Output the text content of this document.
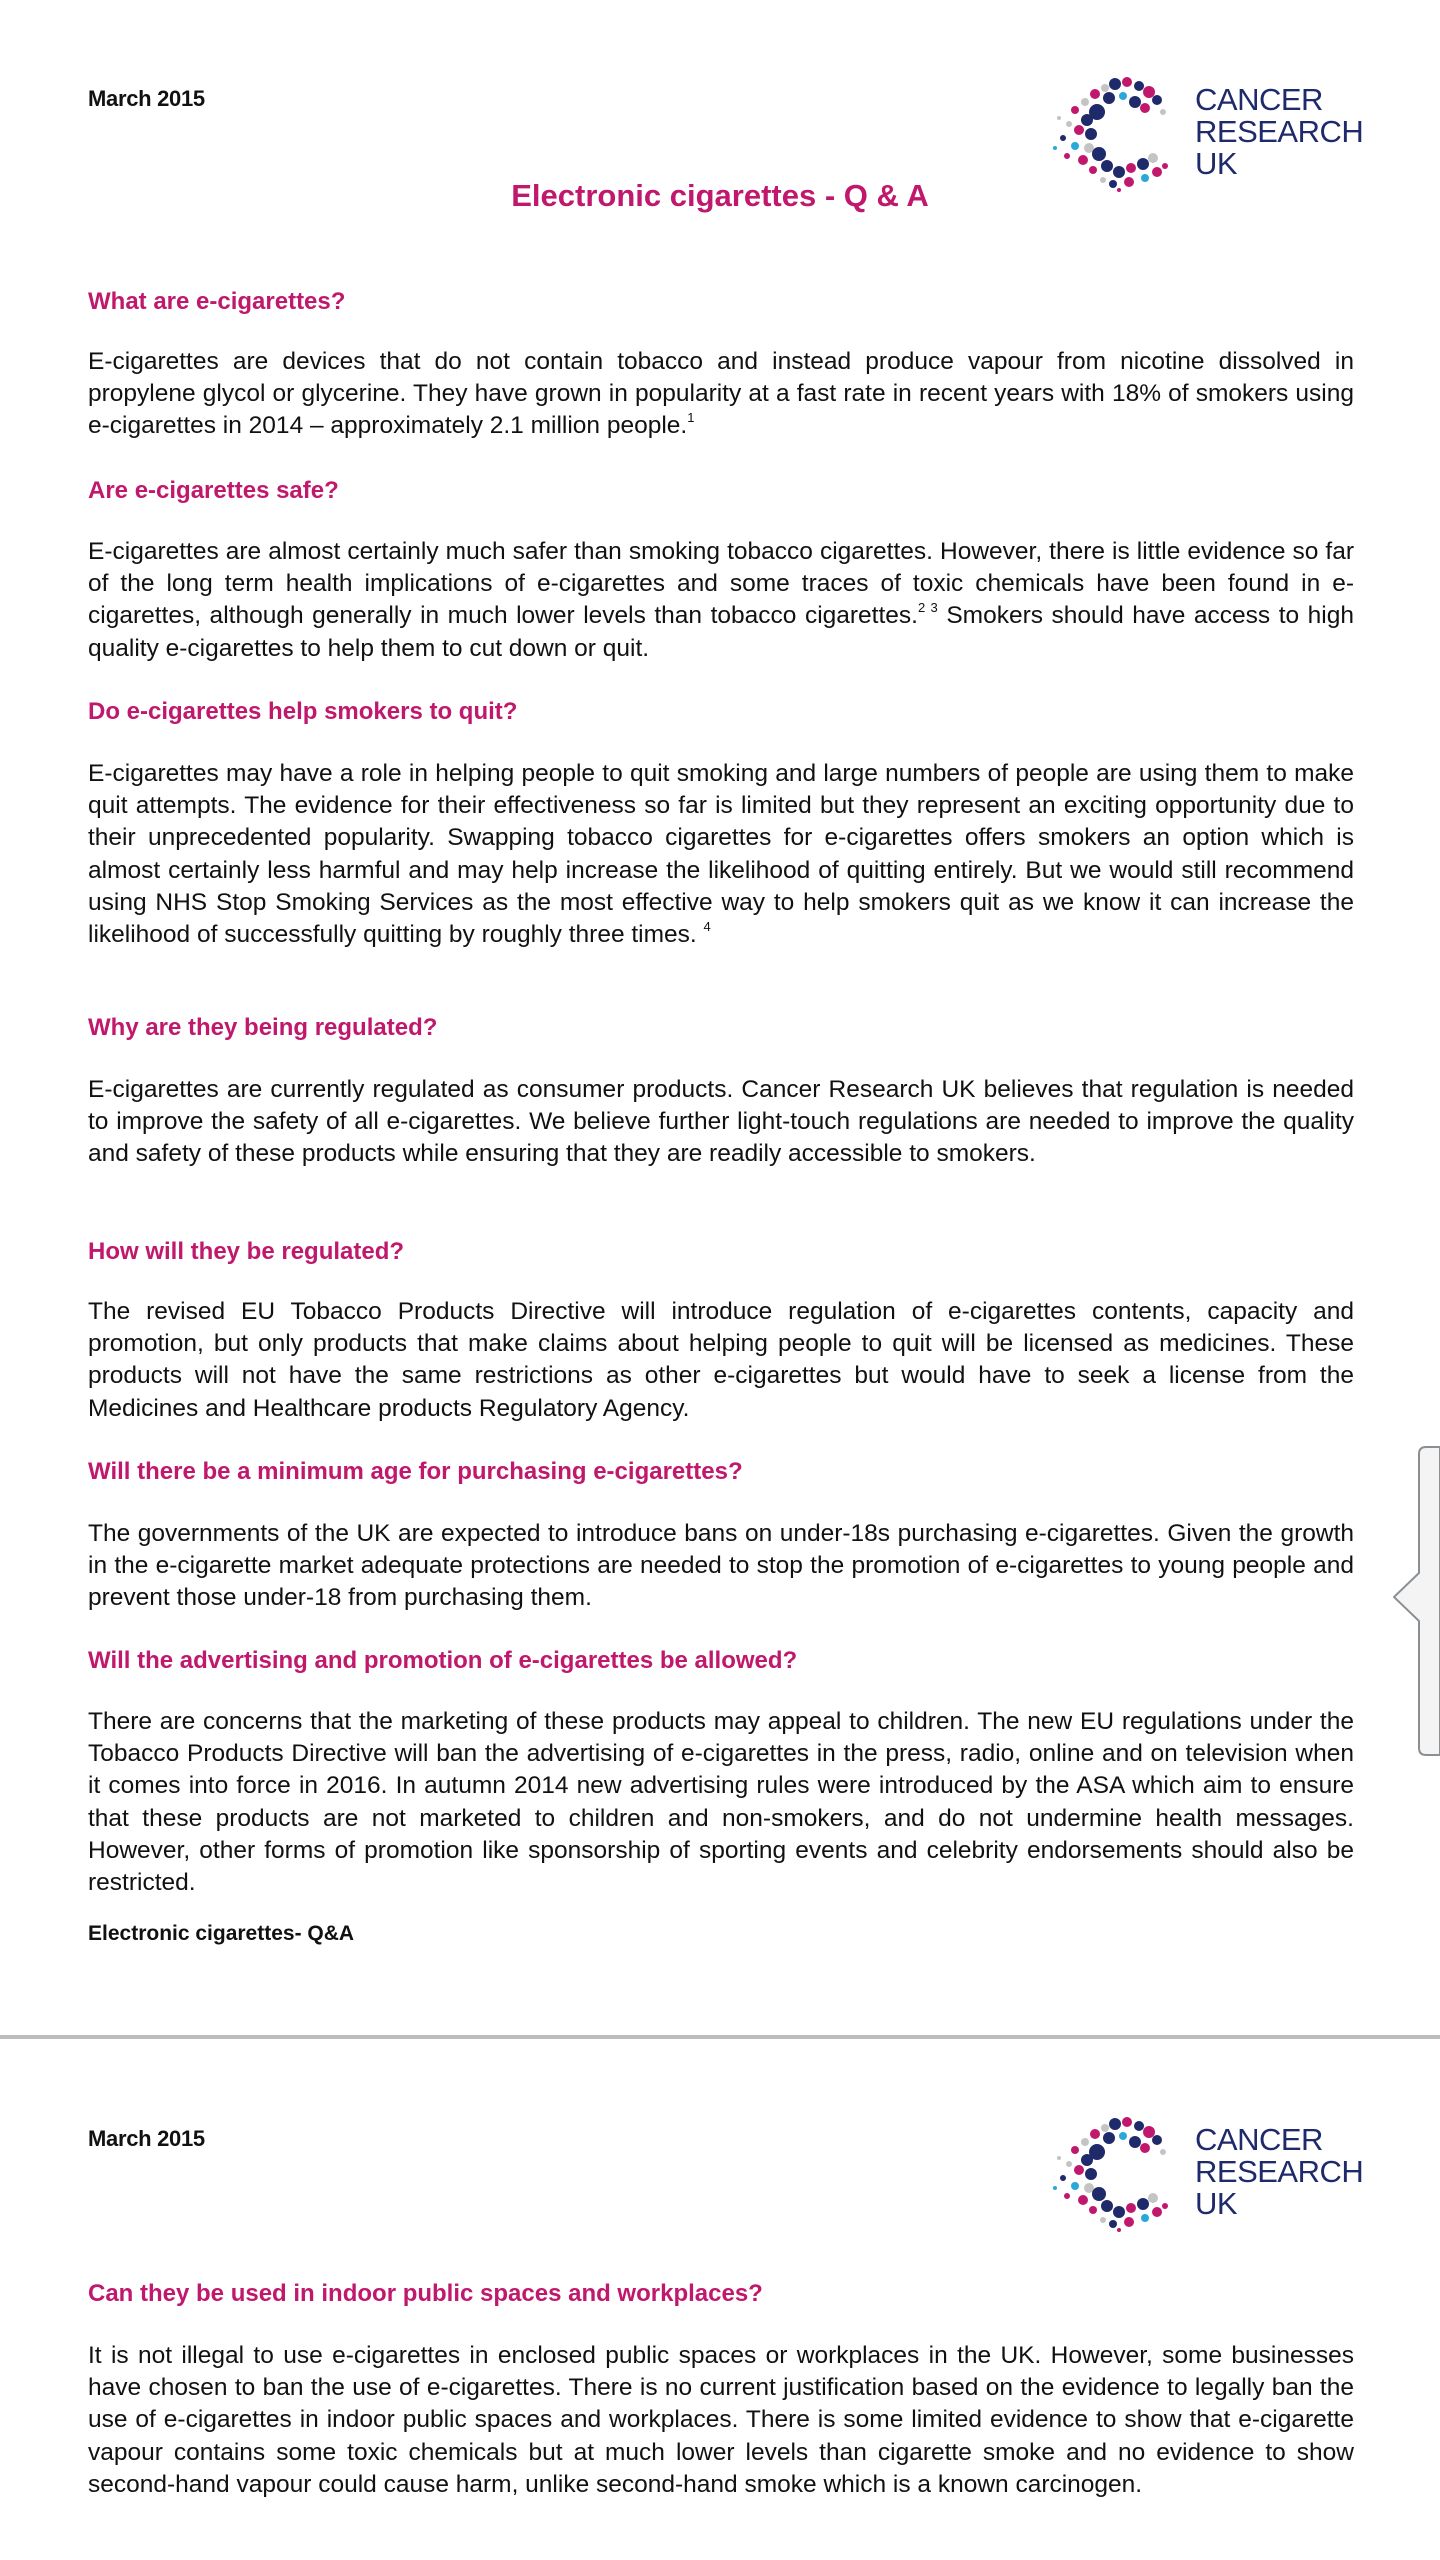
March 2015	CANCER
RESEARCH
UK
Electronic cigarettes - Q & A
What are e-cigarettes?
E-cigarettes are devices that do not contain tobacco and instead produce vapour from nicotine dissolved in propylene glycol or glycerine. They have grown in popularity at a fast rate in recent years with 18% of smokers using e-cigarettes in 2014 – approximately 2.1 million people.$^1$
Are e-cigarettes safe?
E-cigarettes are almost certainly much safer than smoking tobacco cigarettes. However, there is little evidence so far of the long term health implications of e-cigarettes and some traces of toxic chemicals have been found in e-cigarettes, although generally in much lower levels than tobacco cigarettes.$^{2 3}$ Smokers should have access to high quality e-cigarettes to help them to cut down or quit.
Do e-cigarettes help smokers to quit?
E-cigarettes may have a role in helping people to quit smoking and large numbers of people are using them to make quit attempts. The evidence for their effectiveness so far is limited but they represent an exciting opportunity due to their unprecedented popularity. Swapping tobacco cigarettes for e-cigarettes offers smokers an option which is almost certainly less harmful and may help increase the likelihood of quitting entirely. But we would still recommend using NHS Stop Smoking Services as the most effective way to help smokers quit as we know it can increase the likelihood of successfully quitting by roughly three times. $^4$
Why are they being regulated?
E-cigarettes are currently regulated as consumer products. Cancer Research UK believes that regulation is needed to improve the safety of all e-cigarettes. We believe further light-touch regulations are needed to improve the quality and safety of these products while ensuring that they are readily accessible to smokers.
How will they be regulated?
The revised EU Tobacco Products Directive will introduce regulation of e-cigarettes contents, capacity and promotion, but only products that make claims about helping people to quit will be licensed as medicines. These products will not have the same restrictions as other e-cigarettes but would have to seek a license from the Medicines and Healthcare products Regulatory Agency.
Will there be a minimum age for purchasing e-cigarettes?
The governments of the UK are expected to introduce bans on under-18s purchasing e-cigarettes. Given the growth in the e-cigarette market adequate protections are needed to stop the promotion of e-cigarettes to young people and prevent those under-18 from purchasing them.
Will the advertising and promotion of e-cigarettes be allowed?
There are concerns that the marketing of these products may appeal to children. The new EU regulations under the Tobacco Products Directive will ban the advertising of e-cigarettes in the press, radio, online and on television when it comes into force in 2016. In autumn 2014 new advertising rules were introduced by the ASA which aim to ensure that these products are not marketed to children and non-smokers, and do not undermine health messages. However, other forms of promotion like sponsorship of sporting events and celebrity endorsements should also be restricted.
Electronic cigarettes- Q&A
March 2015	CANCER
RESEARCH
UK
Can they be used in indoor public spaces and workplaces?
It is not illegal to use e-cigarettes in enclosed public spaces or workplaces in the UK. However, some businesses have chosen to ban the use of e-cigarettes. There is no current justification based on the evidence to legally ban the use of e-cigarettes in indoor public spaces and workplaces. There is some limited evidence to show that e-cigarette vapour contains some toxic chemicals but at much lower levels than cigarette smoke and no evidence to show second-hand vapour could cause harm, unlike second-hand smoke which is a known carcinogen.
